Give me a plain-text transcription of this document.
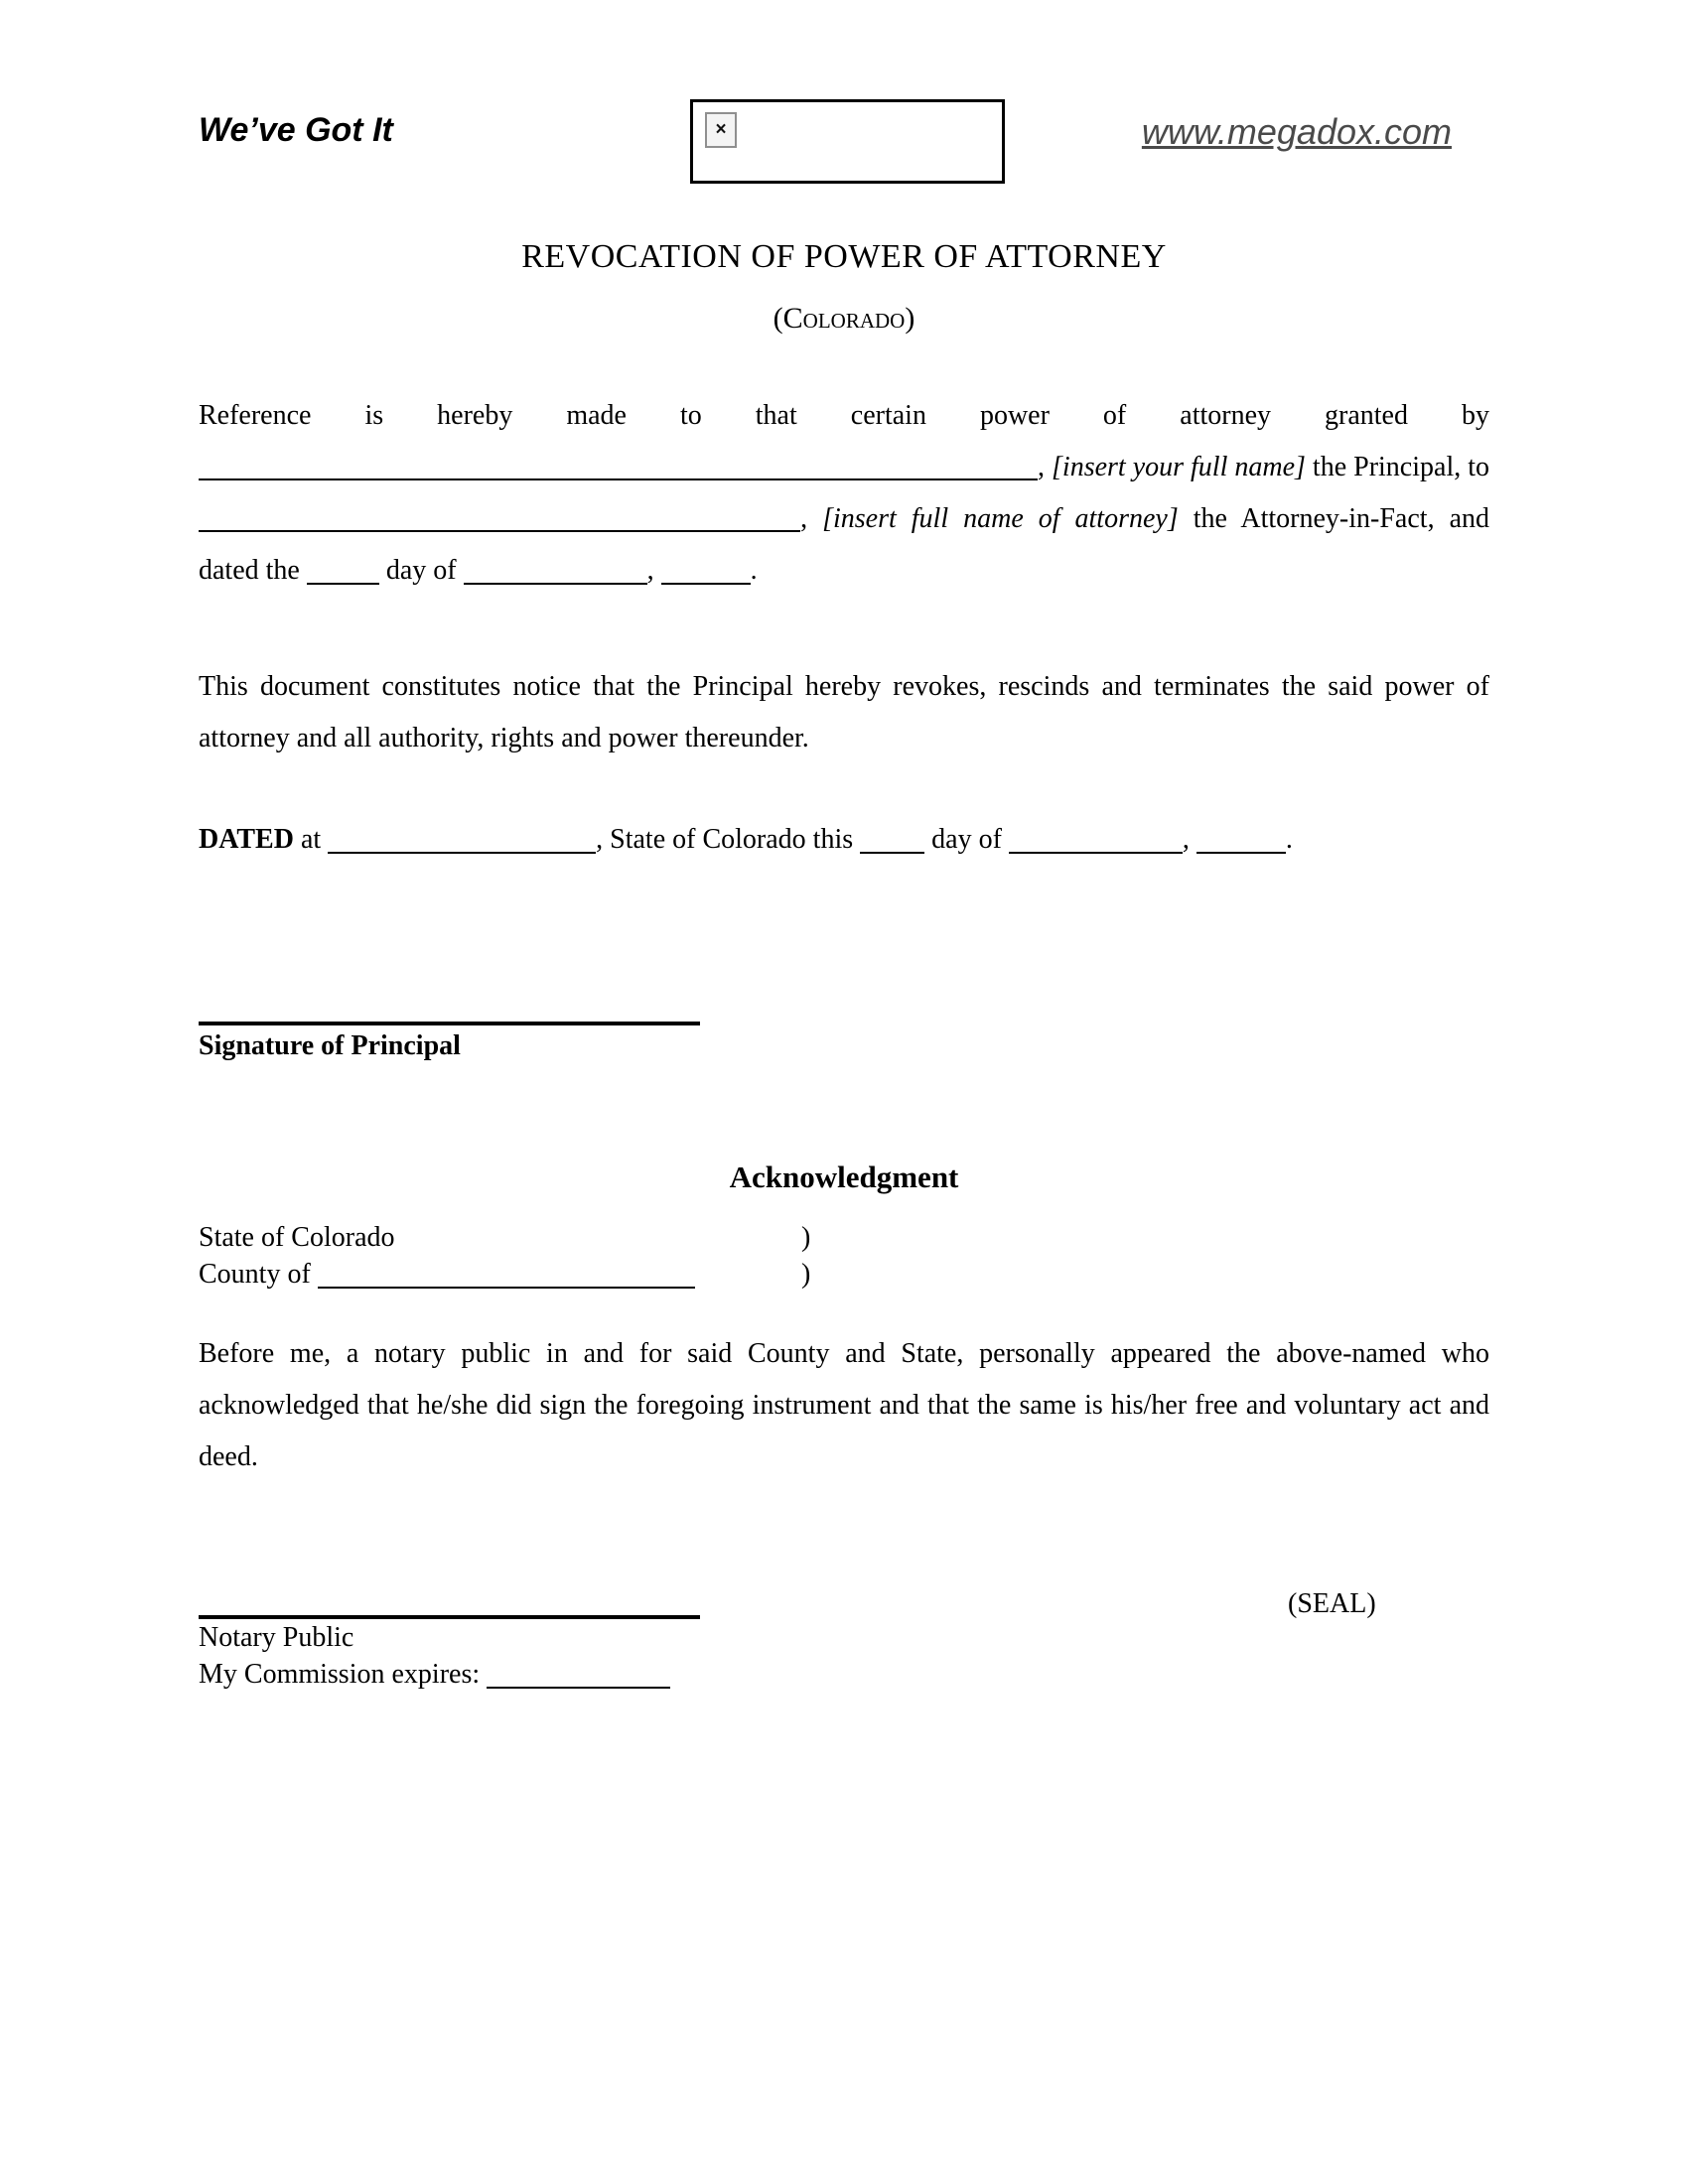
We’ve Got It	×	www.megadox.com
REVOCATION OF POWER OF ATTORNEY
(Colorado)
Reference is hereby made to that certain power of attorney granted by
, [insert your full name] the Principal, to
, [insert full name of attorney] the Attorney-in-Fact, and
dated the	day of	,	.
This document constitutes notice that the Principal hereby revokes, rescinds and terminates the said power of attorney and all authority, rights and power thereunder.
DATED at	, State of Colorado this  day of	,	.
Signature of Principal
Acknowledgment
State of Colorado	)
County of	)
Before me, a notary public in and for said County and State, personally appeared the above-named who acknowledged that he/she did sign the foregoing instrument and that the same is his/her free and voluntary act and deed.
(SEAL)
Notary Public
My Commission expires:
